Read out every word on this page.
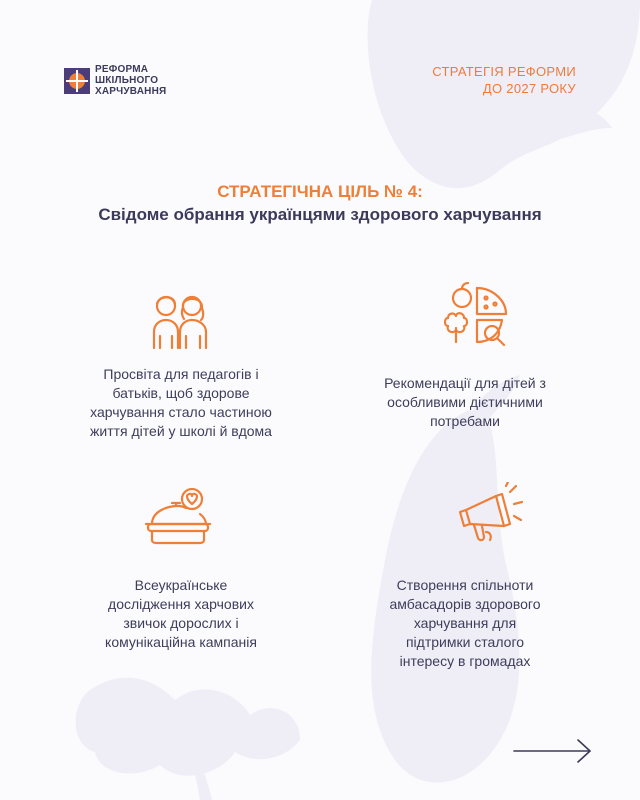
РЕФОРМА
ШКІЛЬНОГО
ХАРЧУВАННЯ
СТРАТЕГІЯ РЕФОРМИ
ДО 2027 РОКУ
СТРАТЕГІЧНА ЦІЛЬ № 4:
Свідоме обрання українцями здорового харчування
Просвіта для педагогів і
батьків, щоб здорове
харчування стало частиною
життя дітей у школі й вдома
Рекомендації для дітей з
особливими дієтичними
потребами
Всеукраїнське
дослідження харчових
звичок дорослих і
комунікаційна кампанія
Створення спільноти
амбасадорів здорового
харчування для
підтримки сталого
інтересу в громадах
